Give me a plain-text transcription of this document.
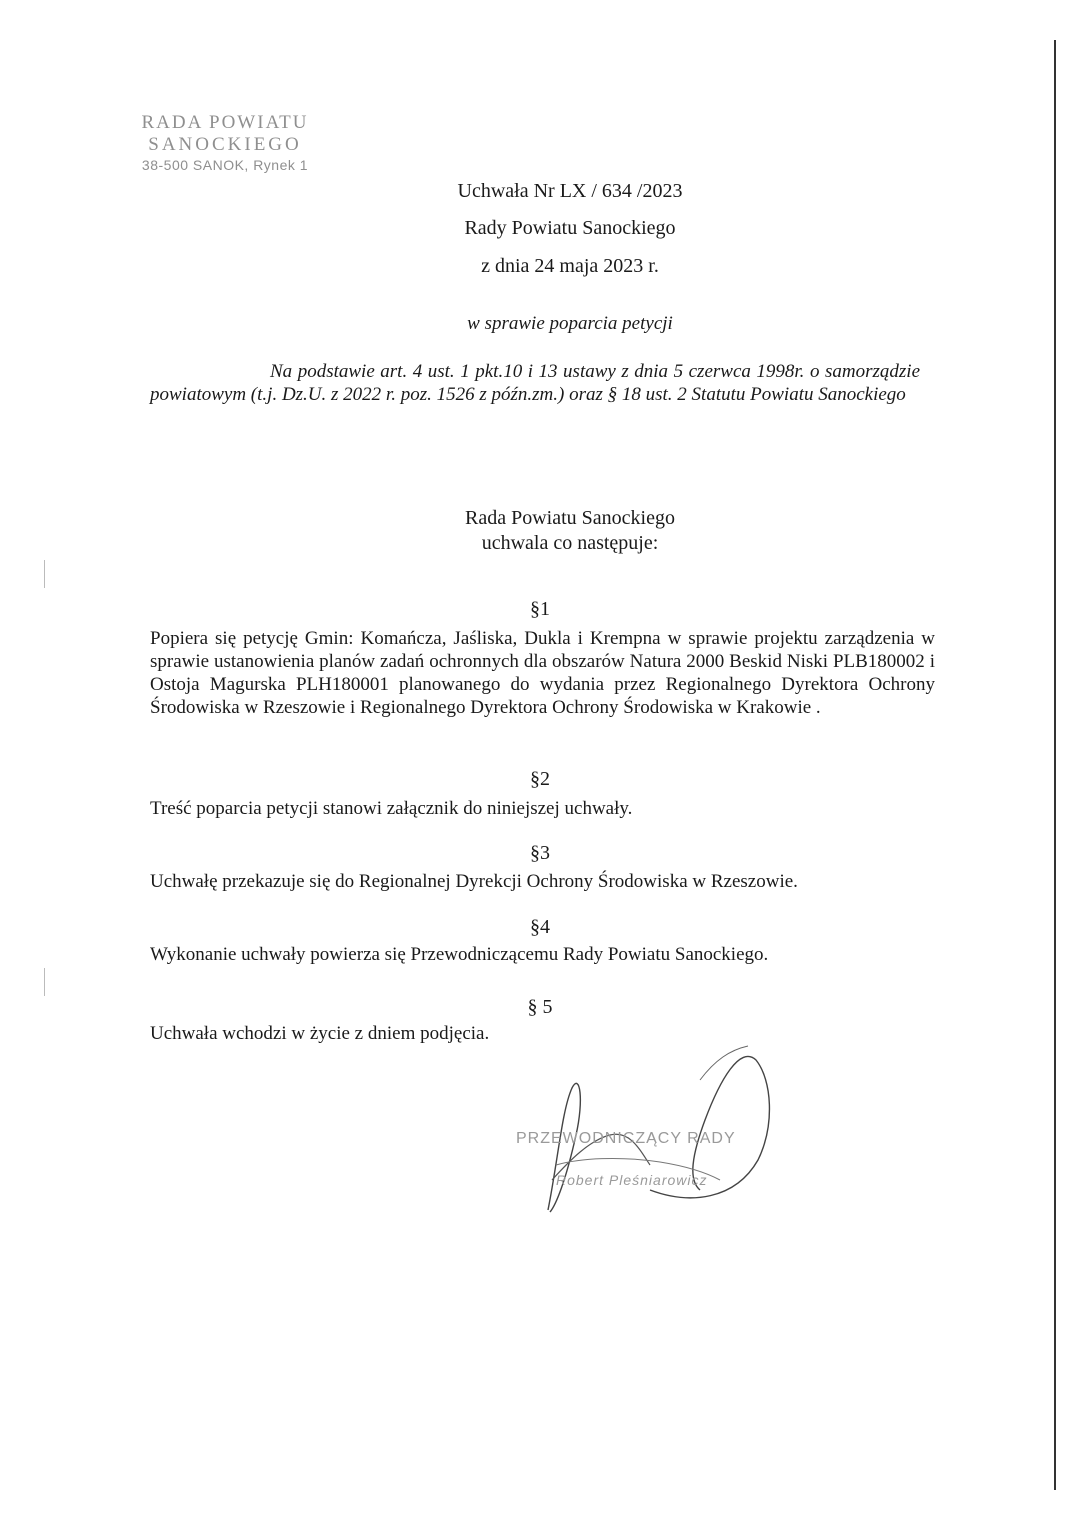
RADA POWIATU
SANOCKIEGO
38-500 SANOK, Rynek 1
Uchwała Nr LX / 634 /2023
Rady Powiatu Sanockiego
z dnia 24 maja 2023 r.
w sprawie poparcia petycji
Na podstawie art. 4 ust. 1 pkt.10 i 13 ustawy z dnia 5 czerwca 1998r. o samorządzie powiatowym (t.j. Dz.U. z 2022 r. poz. 1526 z późn.zm.) oraz § 18 ust. 2 Statutu Powiatu Sanockiego
Rada Powiatu Sanockiego
uchwala co następuje:
§1
Popiera się petycję Gmin: Komańcza, Jaśliska, Dukla i Krempna w sprawie projektu zarządzenia w sprawie ustanowienia planów zadań ochronnych dla obszarów Natura 2000 Beskid Niski PLB180002 i Ostoja Magurska PLH180001 planowanego do wydania przez Regionalnego Dyrektora Ochrony Środowiska w Rzeszowie i Regionalnego Dyrektora Ochrony Środowiska w Krakowie .
§2
Treść poparcia petycji stanowi załącznik do niniejszej uchwały.
§3
Uchwałę przekazuje się do Regionalnej Dyrekcji Ochrony Środowiska w Rzeszowie.
§4
Wykonanie uchwały powierza się Przewodniczącemu Rady Powiatu Sanockiego.
§ 5
Uchwała wchodzi w życie z dniem podjęcia.
PRZEWODNICZĄCY RADY
Robert Pleśniarowicz
